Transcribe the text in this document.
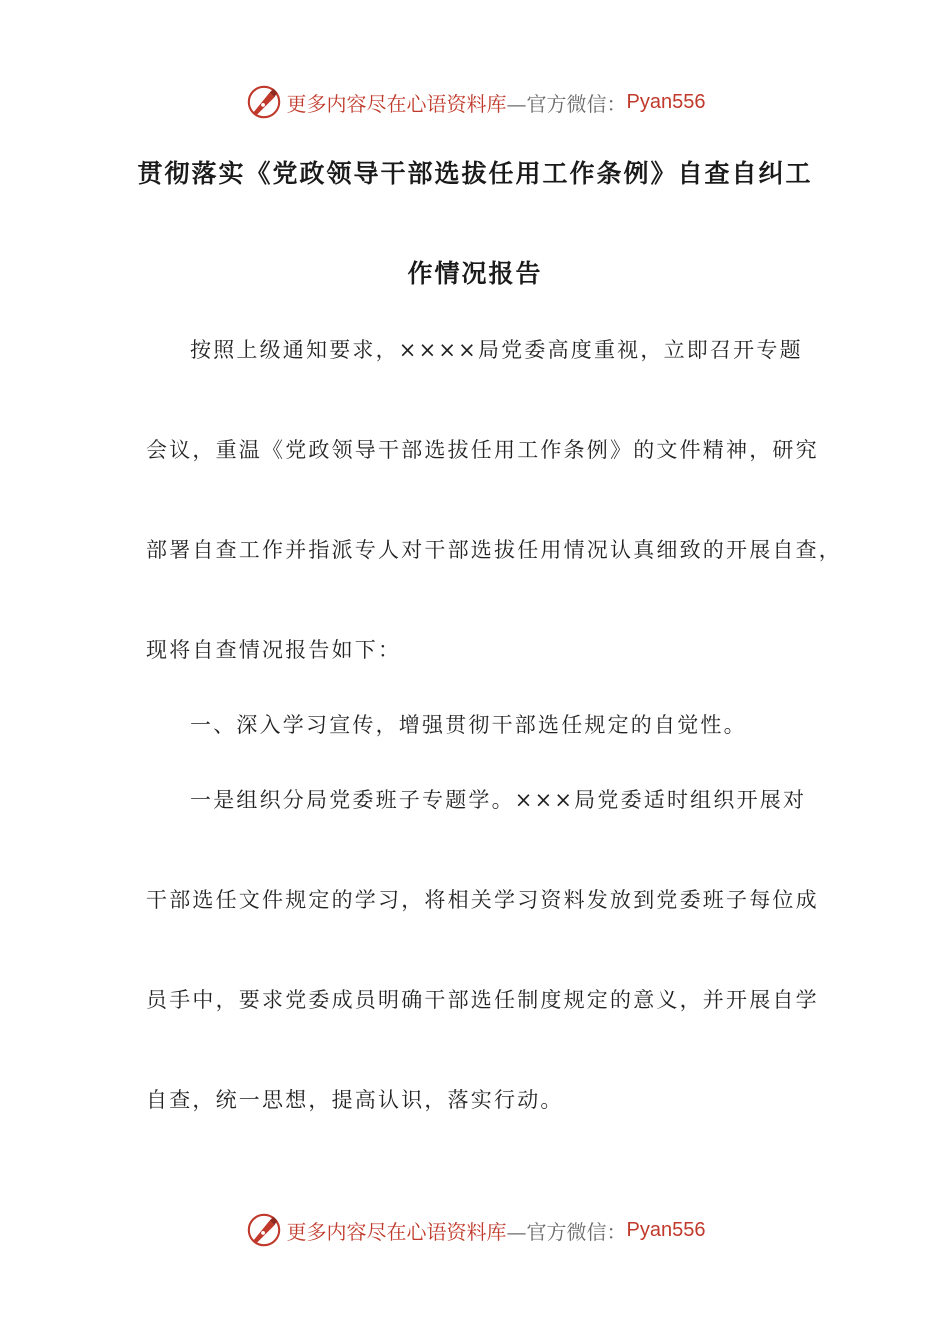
更多内容尽在心语资料库 —官方微信： Pyan556
贯彻落实《党政领导干部选拔任用工作条例》自查自纠工
作情况报告
按照上级通知要求，××××局党委高度重视，立即召开专题
会议，重温《党政领导干部选拔任用工作条例》的文件精神，研究
部署自查工作并指派专人对干部选拔任用情况认真细致的开展自查，
现将自查情况报告如下：
一、深入学习宣传，增强贯彻干部选任规定的自觉性。
一是组织分局党委班子专题学。×××局党委适时组织开展对
干部选任文件规定的学习，将相关学习资料发放到党委班子每位成
员手中，要求党委成员明确干部选任制度规定的意义，并开展自学
自查，统一思想，提高认识，落实行动。
更多内容尽在心语资料库 —官方微信： Pyan556
